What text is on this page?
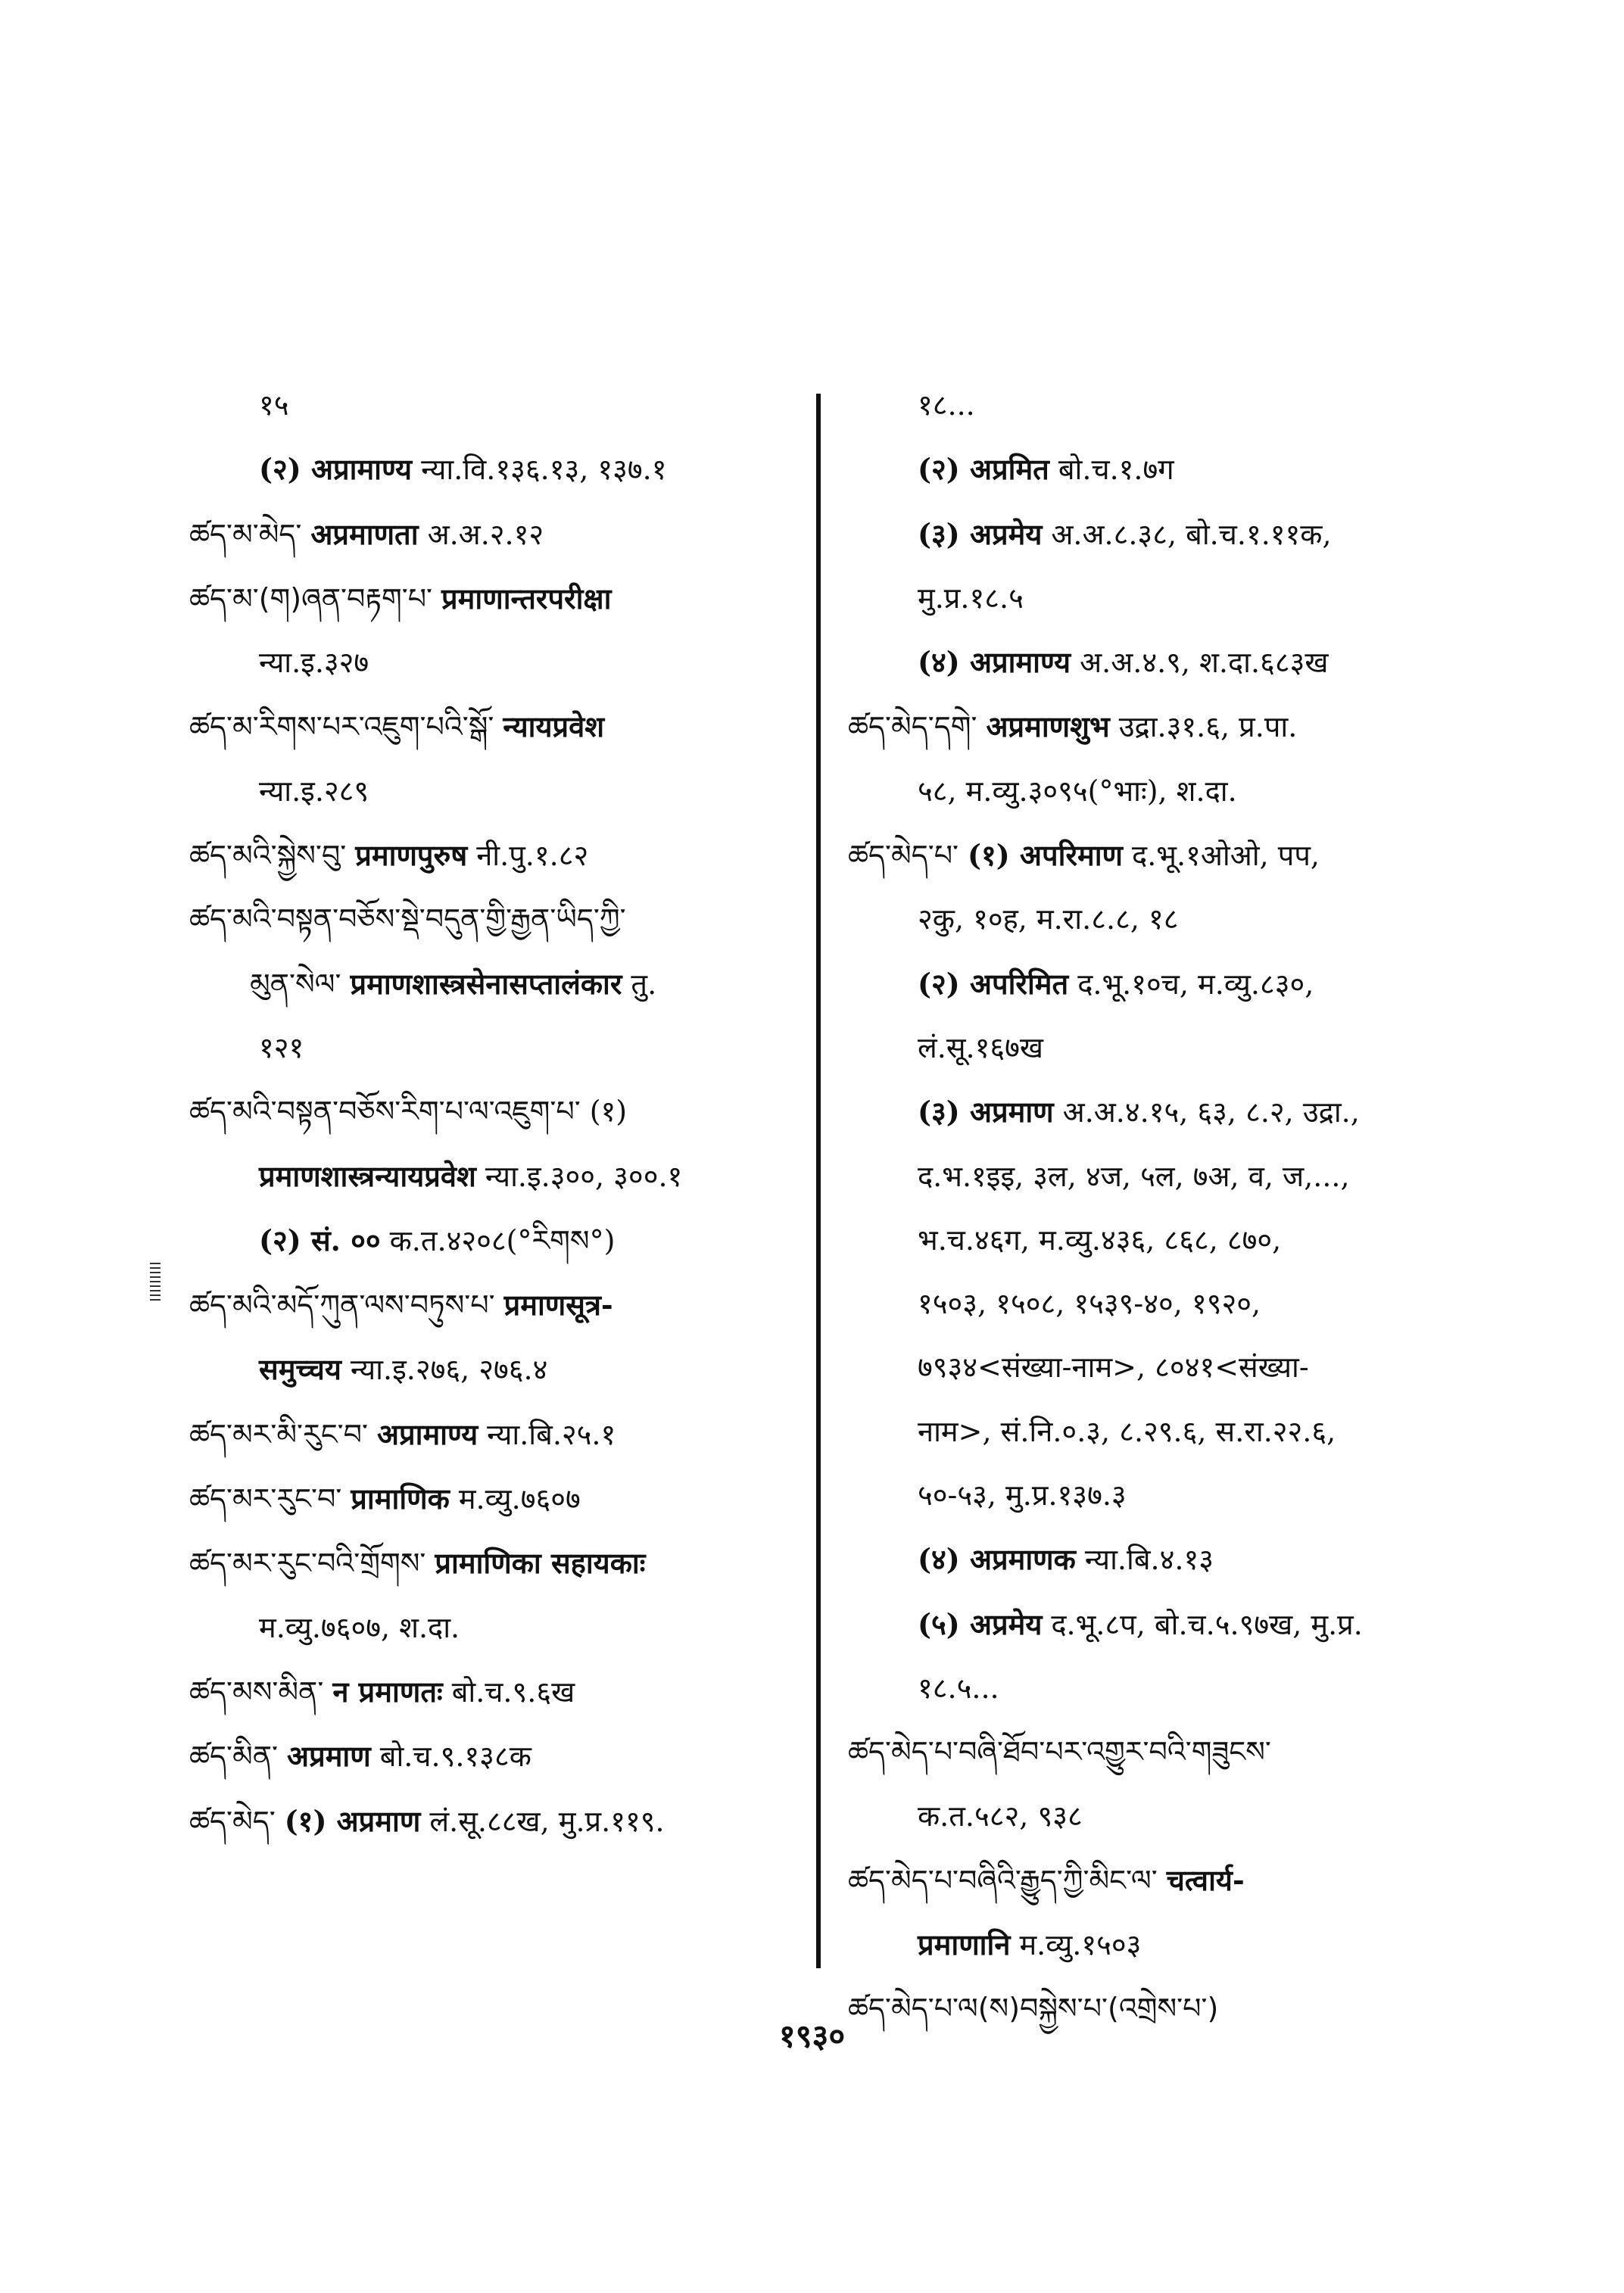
१५
(२) अप्रामाण्य न्या.वि.१३६.१३, १३७.१
ཚད་མ་མེད་ अप्रमाणता अ.अ.२.१२
ཚད་མ་(ག)ཞན་བརྟག་པ་ प्रमाणान्तरपरीक्षा
न्या.इ.३२७
ཚད་མ་རིགས་པར་འཇུག་པའི་སྒོ་ न्यायप्रवेश
न्या.इ.२८९
ཚད་མའི་སྐྱེས་བུ་ प्रमाणपुरुष नी.पु.१.८२
ཚད་མའི་བསྟན་བཅོས་སྡེ་བདུན་གྱི་རྒྱན་ཡིད་ཀྱི་
མུན་སེལ་ प्रमाणशास्त्रसेनासप्तालंकार तु.
१२१
ཚད་མའི་བསྟན་བཅོས་རིག་པ་ལ་འཇུག་པ་ (१)
प्रमाणशास्त्रन्यायप्रवेश न्या.इ.३००, ३००.१
(२) सं. ०० क.त.४२०८(°རིགས°)
ཚད་མའི་མདོ་ཀུན་ལས་བཏུས་པ་ प्रमाणसूत्र-
समुच्चय न्या.इ.२७६, २७६.४
ཚད་མར་མི་རུང་བ་ अप्रामाण्य न्या.बि.२५.१
ཚད་མར་རུང་བ་ प्रामाणिक म.व्यु.७६०७
ཚད་མར་རུང་བའི་གྲོགས་ प्रामाणिका सहायकाः
म.व्यु.७६०७, श.दा.
ཚད་མས་མིན་ न प्रमाणतः बो.च.९.६ख
ཚད་མིན་ अप्रमाण बो.च.९.१३८क
ཚད་མེད་ (१) अप्रमाण लं.सू.८८ख, मु.प्र.११९.
१८...
(२) अप्रमित बो.च.१.७ग
(३) अप्रमेय अ.अ.८.३८, बो.च.१.११क,
मु.प्र.१८.५
(४) अप्रामाण्य अ.अ.४.९, श.दा.६८३ख
ཚད་མེད་དགེ་ अप्रमाणशुभ उद्रा.३१.६, प्र.पा.
५८, म.व्यु.३०९५(°भाः), श.दा.
ཚད་མེད་པ་ (१) अपरिमाण द.भू.१ओओ, पप,
२कु, १०ह, म.रा.८.८, १८
(२) अपरिमित द.भू.१०च, म.व्यु.८३०,
लं.सू.१६७ख
(३) अप्रमाण अ.अ.४.१५, ६३, ८.२, उद्रा.,
द.भ.१इइ, ३ल, ४ज, ५ल, ७अ, व, ज,...,
भ.च.४६ग, म.व्यु.४३६, ८६८, ८७०,
१५०३, १५०८, १५३९-४०, १९२०,
७९३४<संख्या-नाम>, ८०४१<संख्या-
नाम>, सं.नि.०.३, ८.२९.६, स.रा.२२.६,
५०-५३, मु.प्र.१३७.३
(४) अप्रमाणक न्या.बि.४.१३
(५) अप्रमेय द.भू.८प, बो.च.५.९७ख, मु.प्र.
१८.५...
ཚད་མེད་པ་བཞི་ཐོབ་པར་འགྱུར་བའི་གཟུངས་
क.त.५८२, ९३८
ཚད་མེད་པ་བཞིའི་རྒྱུད་ཀྱི་མིང་ལ་ चत्वार्य-
प्रमाणानि म.व्यु.१५०३
ཚད་མེད་པ་ལ(ས)བསྐྱེས་པ་(འགྲེས་པ་)
१९३०
